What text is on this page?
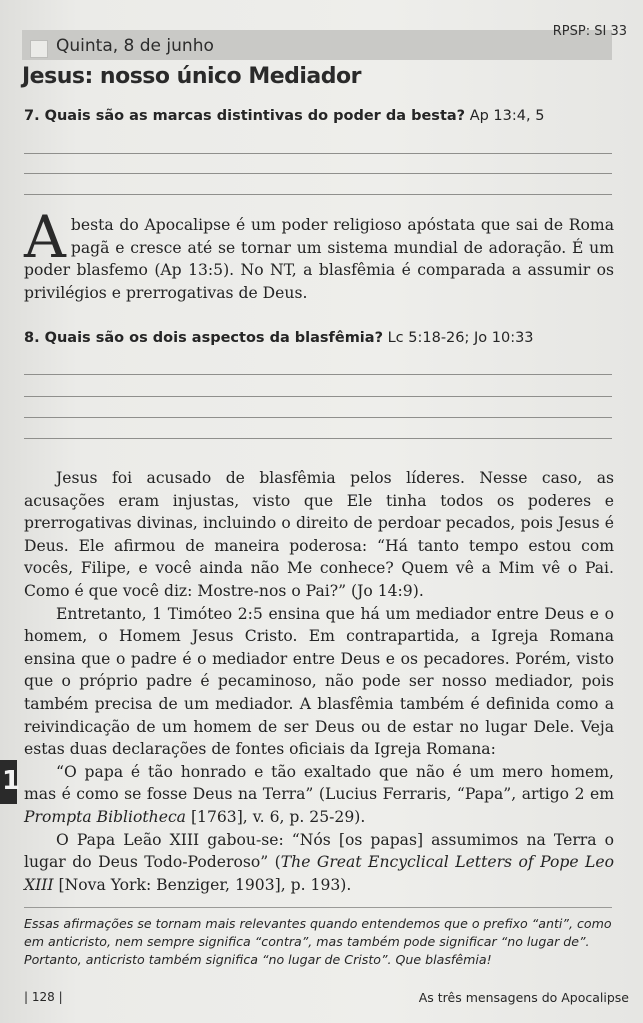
Quinta, 8 de junho
RPSP: SI 33
Jesus: nosso único Mediador
7. Quais são as marcas distintivas do poder da besta? Ap 13:4, 5
Abesta do Apocalipse é um poder religioso apóstata que sai de Roma pagã e cresce até se tornar um sistema mundial de adoração. É um poder blasfemo (Ap 13:5). No NT, a blasfêmia é comparada a assumir os privilégios e prerrogativas de Deus.
8. Quais são os dois aspectos da blasfêmia? Lc 5:18-26; Jo 10:33
Jesus foi acusado de blasfêmia pelos líderes. Nesse caso, as acusações eram injustas, visto que Ele tinha todos os poderes e prerrogativas divinas, incluindo o direito de perdoar pecados, pois Jesus é Deus. Ele afirmou de maneira poderosa: “Há tanto tempo estou com vocês, Filipe, e você ainda não Me conhece? Quem vê a Mim vê o Pai. Como é que você diz: Mostre-nos o Pai?” (Jo 14:9).
Entretanto, 1 Timóteo 2:5 ensina que há um mediador entre Deus e o homem, o Homem Jesus Cristo. Em contrapartida, a Igreja Romana ensina que o padre é o mediador entre Deus e os pecadores. Porém, visto que o próprio padre é pecaminoso, não pode ser nosso mediador, pois também precisa de um mediador. A blasfêmia também é definida como a reivindicação de um homem de ser Deus ou de estar no lugar Dele. Veja estas duas declarações de fontes oficiais da Igreja Romana:
“O papa é tão honrado e tão exaltado que não é um mero homem, mas é como se fosse Deus na Terra” (Lucius Ferraris, “Papa”, artigo 2 em Prompta Bibliotheca [1763], v. 6, p. 25-29).
O Papa Leão XIII gabou-se: “Nós [os papas] assumimos na Terra o lugar do Deus Todo-Poderoso” (The Great Encyclical Letters of Pope Leo XIII [Nova York: Benziger, 1903], p. 193).
1
Essas afirmações se tornam mais relevantes quando entendemos que o prefixo “anti”, como em anticristo, nem sempre significa “contra”, mas também pode significar “no lugar de”. Portanto, anticristo também significa “no lugar de Cristo”. Que blasfêmia!
| 128 |	As três mensagens do Apocalipse
